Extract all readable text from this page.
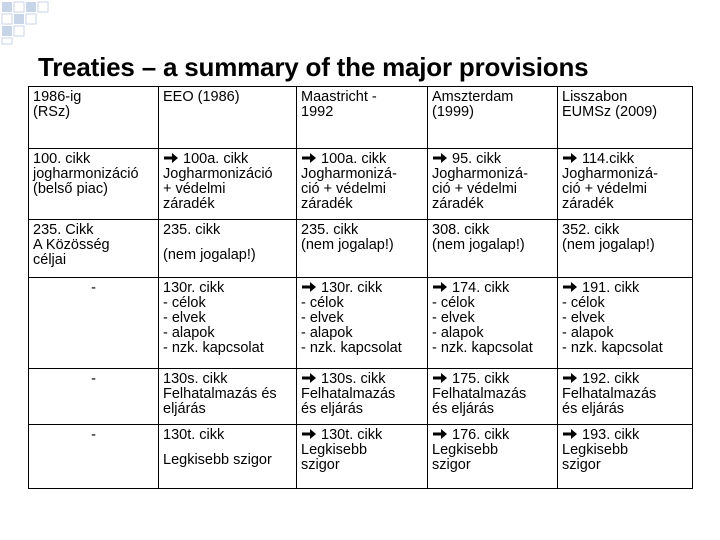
Treaties – a summary of the major provisions
1986-ig
(RSz)	EEO (1986)	Maastricht -
1992	Amszterdam
(1999)	Lisszabon
EUMSz (2009)

100. cikk
jogharmonizáció
(belső piac)	100a. cikk
Jogharmonizáció
+ védelmi
záradék	100a. cikk
Jogharmonizá-
ció + védelmi
záradék	95. cikk
Jogharmonizá-
ció + védelmi
záradék	114.cikk
Jogharmonizá-
ció + védelmi
záradék

235. Cikk
A Közösség
céljai	235. cikk
(nem jogalap!)	235. cikk
(nem jogalap!)	308. cikk
(nem jogalap!)	352. cikk
(nem jogalap!)

-	130r. cikk
- célok
- elvek
- alapok
- nzk. kapcsolat	130r. cikk
- célok
- elvek
- alapok
- nzk. kapcsolat	174. cikk
- célok
- elvek
- alapok
- nzk. kapcsolat	191. cikk
- célok
- elvek
- alapok
- nzk. kapcsolat

-	130s. cikk
Felhatalmazás és
eljárás	130s. cikk
Felhatalmazás
és eljárás	175. cikk
Felhatalmazás
és eljárás	192. cikk
Felhatalmazás
és eljárás

-	130t. cikk
Legkisebb szigor	130t. cikk
Legkisebb
szigor	176. cikk
Legkisebb
szigor	193. cikk
Legkisebb
szigor
